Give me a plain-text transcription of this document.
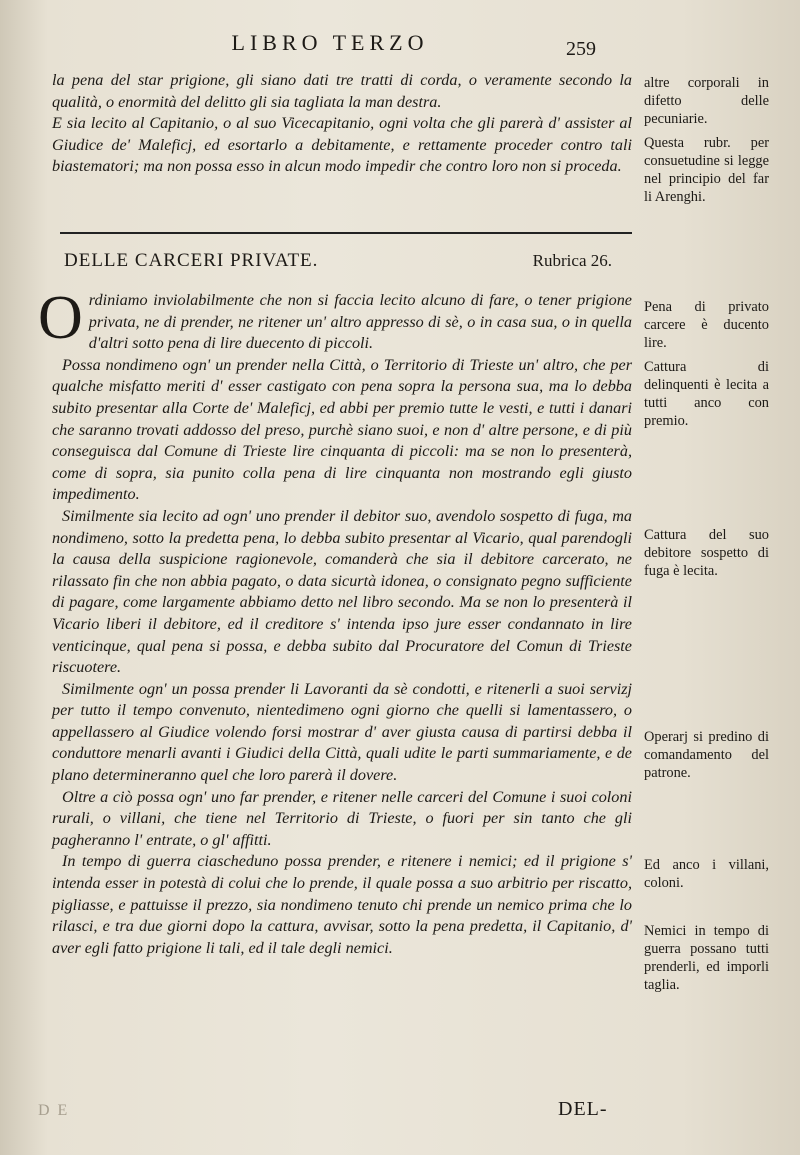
LIBRO TERZO	259

la pena del star prigione, gli siano dati tre tratti di corda, o veramente secondo la qualità, o enormità del delitto gli sia tagliata la man destra.

E sia lecito al Capitanio, o al suo Vicecapitanio, ogni volta che gli parerà d' assister al Giudice de' Maleficj, ed esortarlo a debitamente, e rettamente proceder contro tali biastematori; ma non possa esso in alcun modo impedir che contro loro non si proceda.

altre corporali in difetto delle pecuniarie.

Questa rubr. per consuetudine si legge nel principio del far li Arenghi.

DELLE CARCERI PRIVATE.	Rubrica 26.

O rdiniamo inviolabilmente che non si faccia lecito alcuno di fare, o tener prigione privata, ne di prender, ne ritener un' altro appresso di sè, o in casa sua, o in quella d'altri sotto pena di lire duecento di piccoli.

Possa nondimeno ogn' un prender nella Città, o Territorio di Trieste un' altro, che per qualche misfatto meriti d' esser castigato con pena sopra la persona sua, ma lo debba subito presentar alla Corte de' Maleficj, ed abbi per premio tutte le vesti, e tutti i danari che saranno trovati addosso del preso, purchè siano suoi, e non d' altre persone, e di più conseguisca dal Comune di Trieste lire cinquanta di piccoli: ma se non lo presenterà, come di sopra, sia punito colla pena di lire cinquanta non mostrando egli giusto impedimento.

Similmente sia lecito ad ogn' uno prender il debitor suo, avendolo sospetto di fuga, ma nondimeno, sotto la predetta pena, lo debba subito presentar al Vicario, qual parendogli la causa della suspicione ragionevole, comanderà che sia il debitore carcerato, ne rilassato fin che non abbia pagato, o data sicurtà idonea, o consignato pegno sufficiente di pagare, come largamente abbiamo detto nel libro secondo. Ma se non lo presenterà il Vicario liberi il debitore, ed il creditore s' intenda ipso jure esser condannato in lire venticinque, qual pena si possa, e debba subito dal Procuratore del Comun di Trieste riscuotere.

Similmente ogn' un possa prender li Lavoranti da sè condotti, e ritenerli a suoi servizj per tutto il tempo convenuto, nientedimeno ogni giorno che quelli si lamentassero, o appellassero al Giudice volendo forsi mostrar d' aver giusta causa di partirsi debba il conduttore menarli avanti i Giudici della Città, quali udite le parti summariamente, e de plano determineranno quel che loro parerà il dovere.

Oltre a ciò possa ogn' uno far prender, e ritener nelle carceri del Comune i suoi coloni rurali, o villani, che tiene nel Territorio di Trieste, o fuori per sin tanto che gli pagheranno l' entrate, o gl' affitti.

In tempo di guerra ciascheduno possa prender, e ritenere i nemici; ed il prigione s' intenda esser in potestà di colui che lo prende, il quale possa a suo arbitrio per riscatto, pigliasse, e pattuisse il prezzo, sia nondimeno tenuto chi prende un nemico prima che lo rilasci, e tra due giorni dopo la cattura, avvisar, sotto la pena predetta, il Capitanio, d' aver egli fatto prigione li tali, ed il tale degli nemici.

Pena di privato carcere è ducento lire.
Cattura di delinquenti è lecita a tutti anco con premio.
Cattura del suo debitore sospetto di fuga è lecita.
Operarj si predino di comandamento del patrone.
Ed anco i villani, coloni.
Nemici in tempo di guerra possano tutti prenderli, ed imporli taglia.
D E	DEL-
